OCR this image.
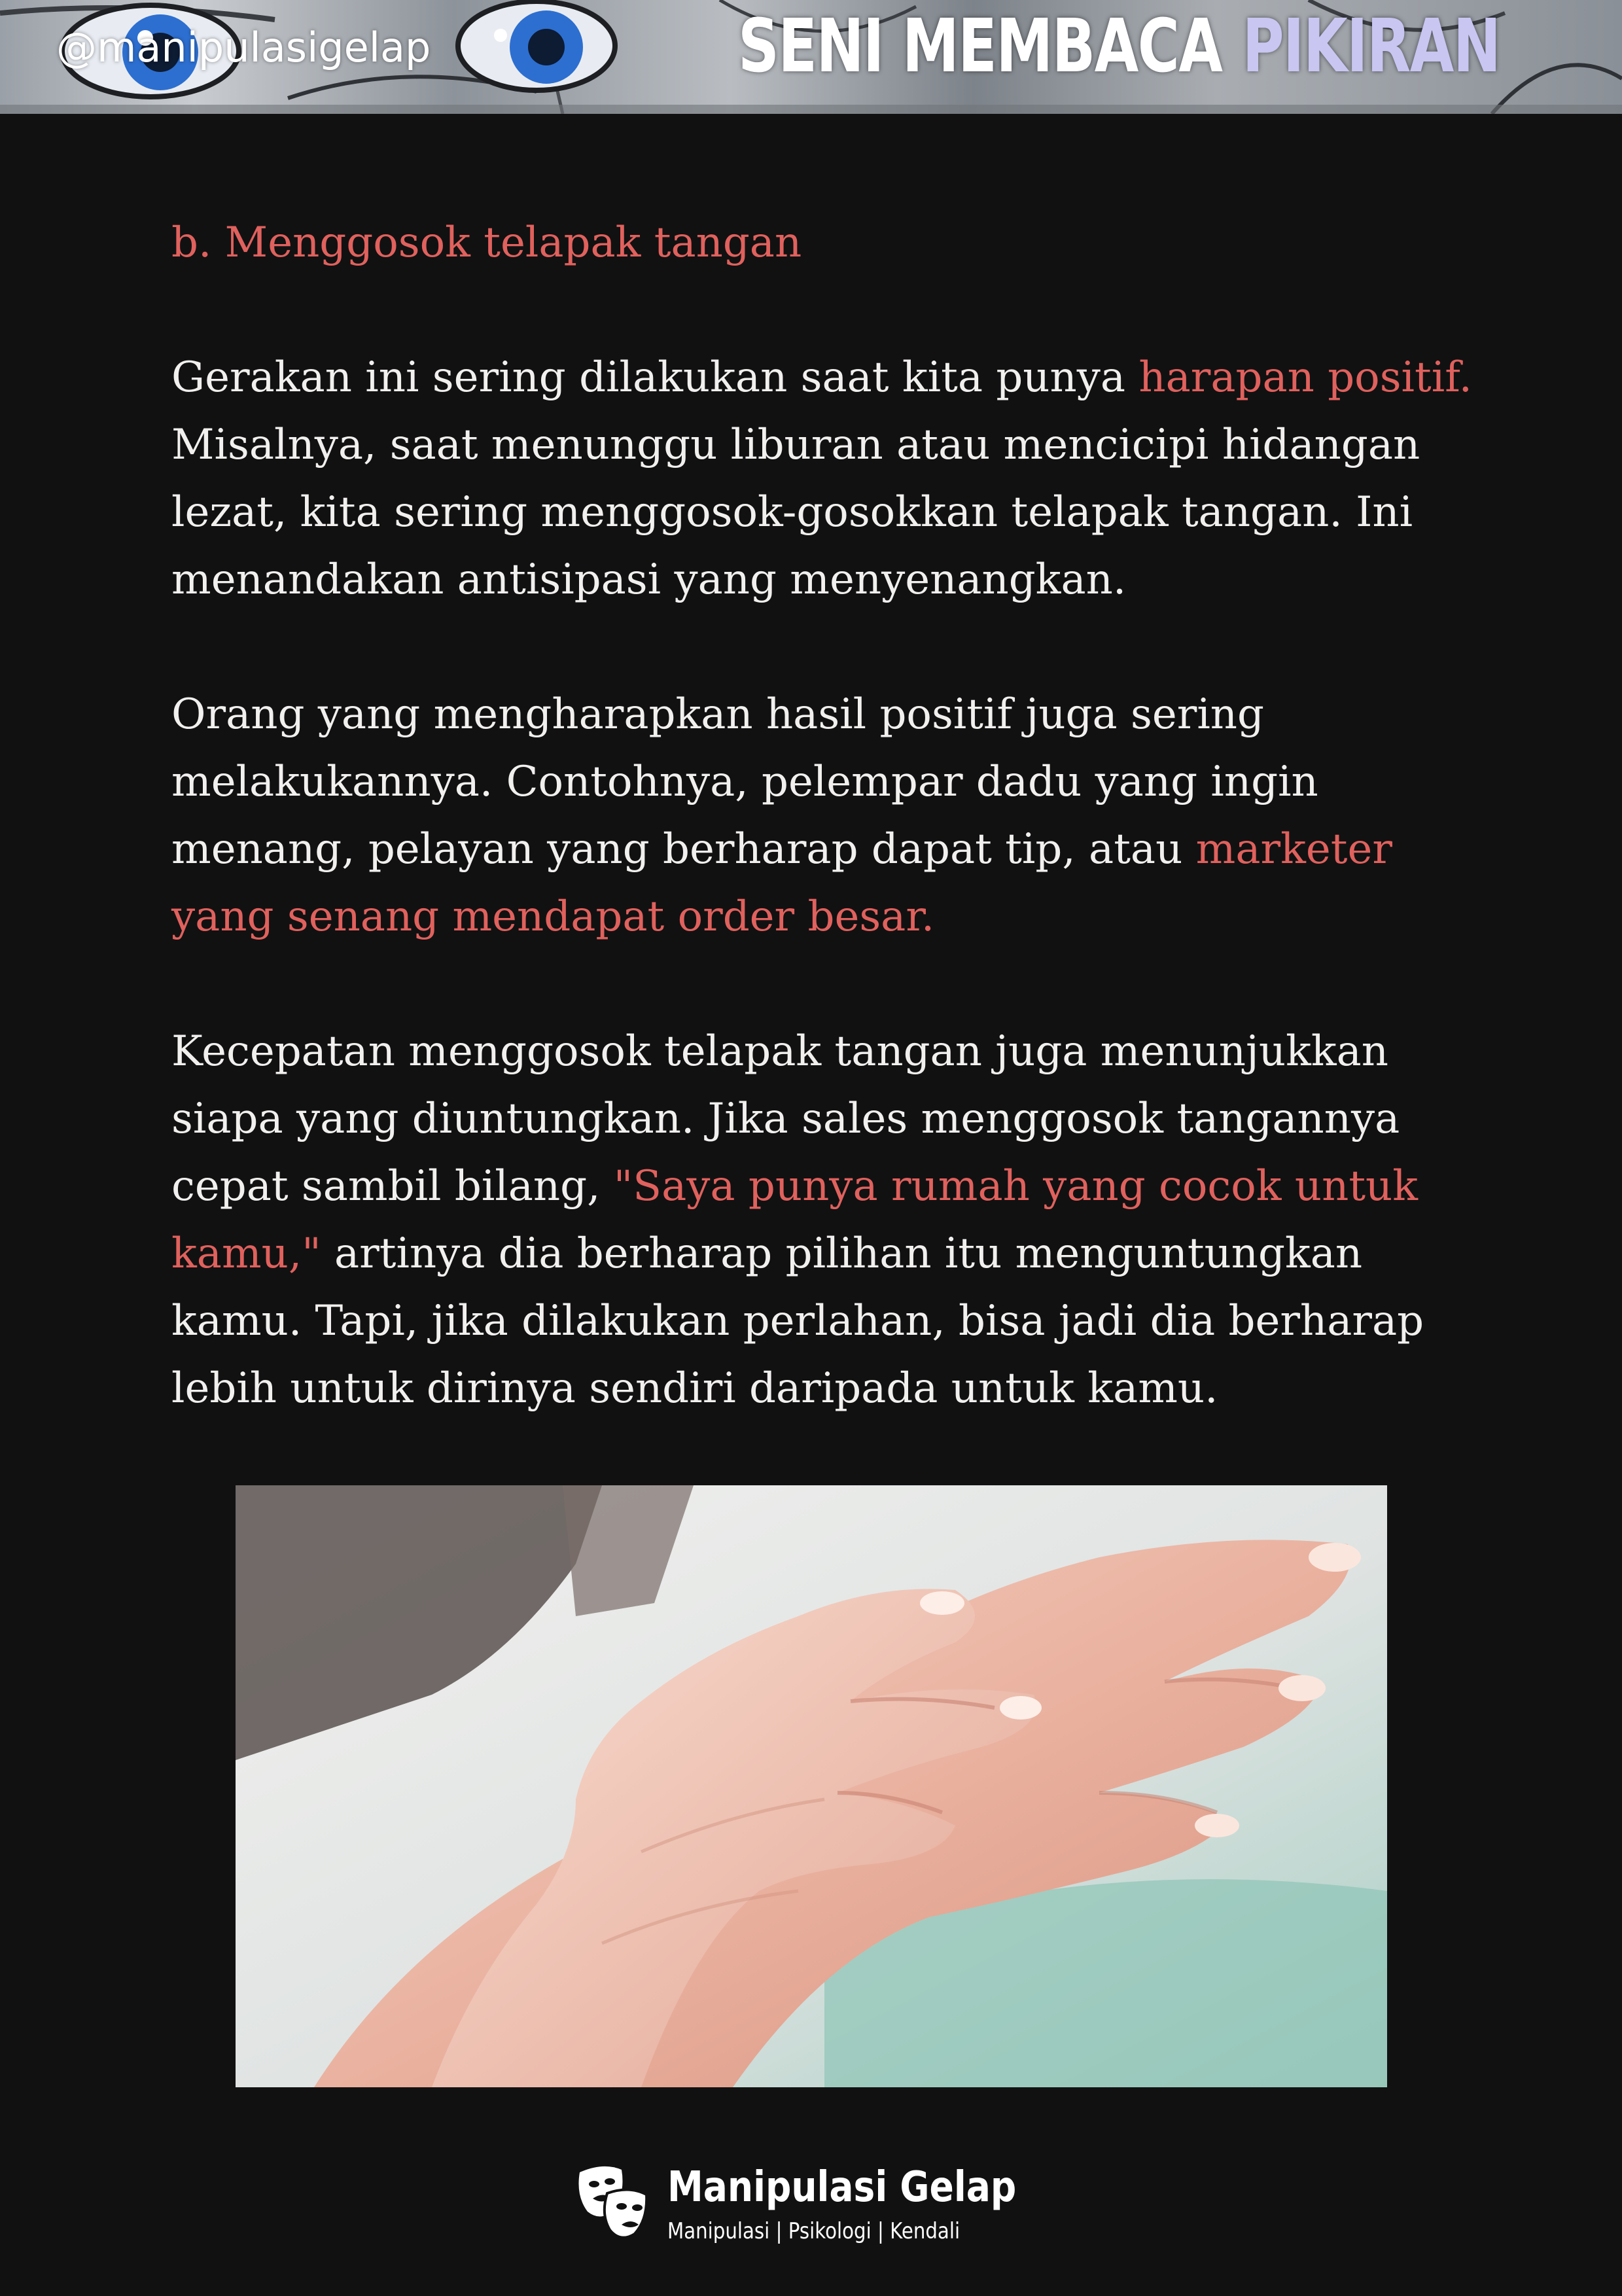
@manipulasigelap	SENI MEMBACA PIKIRAN

b. Menggosok telapak tangan

Gerakan ini sering dilakukan saat kita punya harapan positif.
Misalnya, saat menunggu liburan atau mencicipi hidangan
lezat, kita sering menggosok-gosokkan telapak tangan. Ini
menandakan antisipasi yang menyenangkan.

Orang yang mengharapkan hasil positif juga sering
melakukannya. Contohnya, pelempar dadu yang ingin
menang, pelayan yang berharap dapat tip, atau marketer
yang senang mendapat order besar.

Kecepatan menggosok telapak tangan juga menunjukkan
siapa yang diuntungkan. Jika sales menggosok tangannya
cepat sambil bilang, "Saya punya rumah yang cocok untuk
kamu," artinya dia berharap pilihan itu menguntungkan
kamu. Tapi, jika dilakukan perlahan, bisa jadi dia berharap
lebih untuk dirinya sendiri daripada untuk kamu.

Manipulasi Gelap
Manipulasi | Psikologi | Kendali
